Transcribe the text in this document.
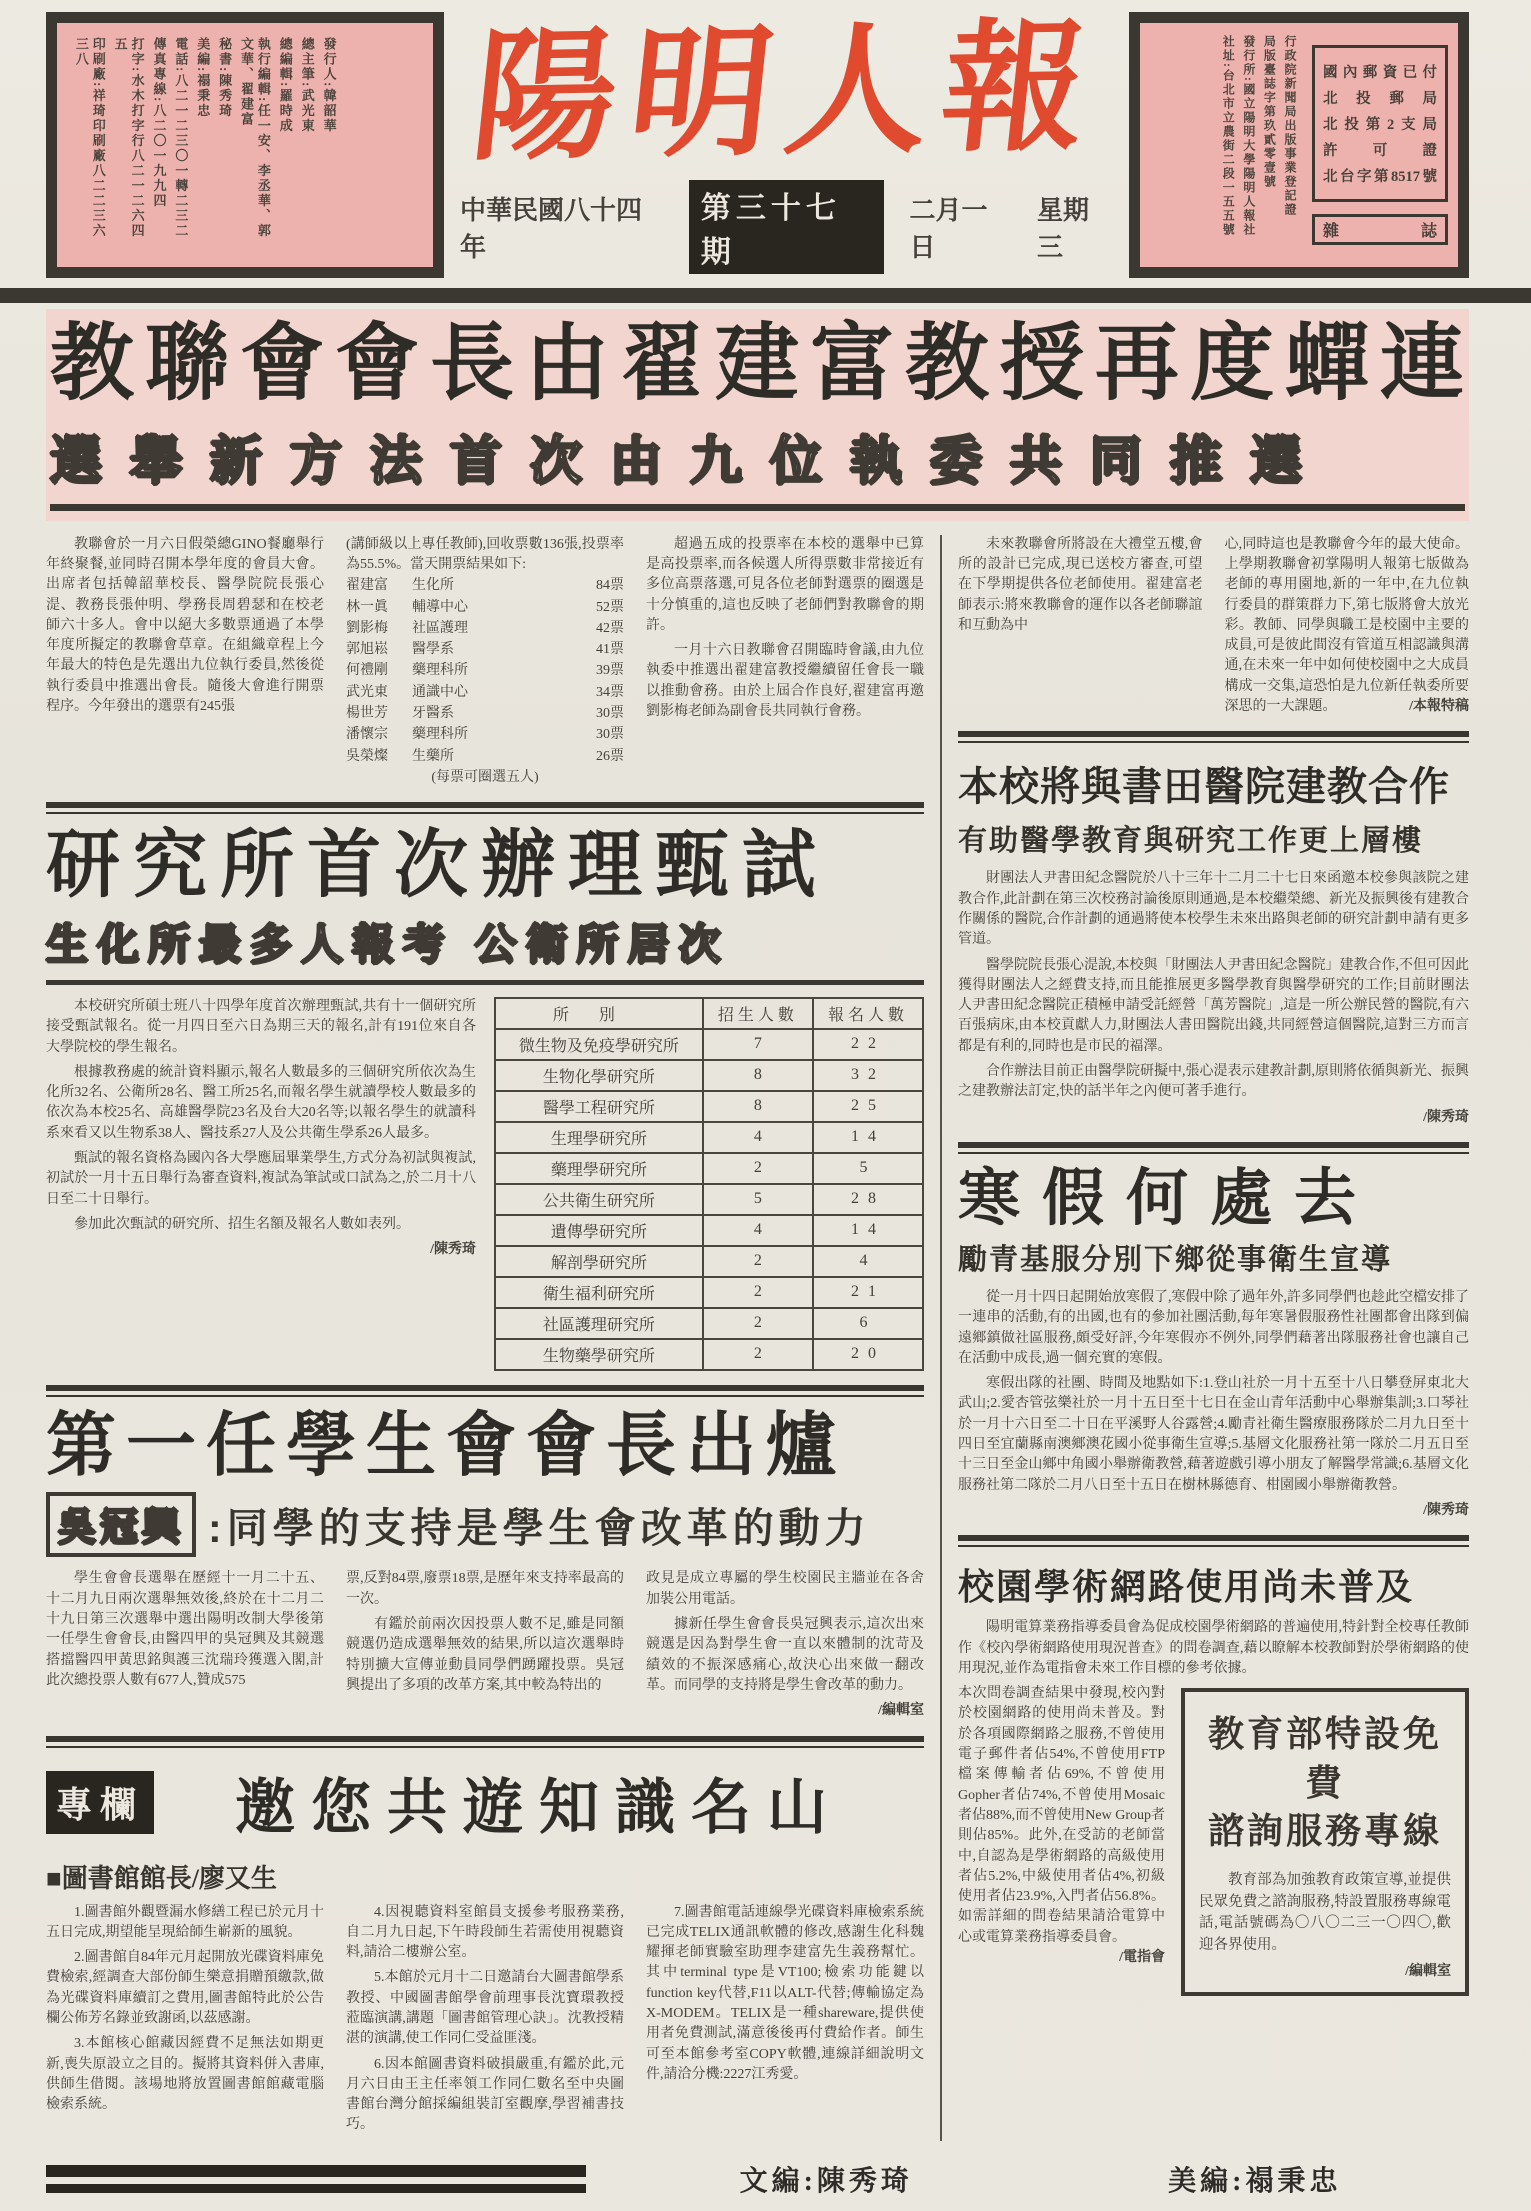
發行人:韓韶華
總主筆:武光東
總編輯:羅時成
執行編輯:任一安、李丞華、郭文華、翟建富
秘書:陳秀琦
美編:禢秉忠
電話:八二一二三〇一轉二三二
傳真專線:八二〇一九九四
打字:水木打字行八二一二六四五
印刷廠:祥琦印刷廠八二二三六三八	陽明人報
中華民國八十四年
第三十七期
二月一日
星期三
行政院新聞局出版事業登記證
局版臺誌字第玖貳零壹號
發行所:國立陽明大學陽明人報社
社址:台北市立農街二段一五五號	國內郵資已付
北投郵局
北投第2支局
許可證
北台字第8517號
雜	誌
教聯會會長由翟建富教授再度蟬連
選舉新方法首次由九位執委共同推選
教聯會於一月六日假榮總GINO餐廳舉行年終聚餐,並同時召開本學年度的會員大會。出席者包括韓韶華校長、醫學院院長張心湜、教務長張仲明、學務長周碧瑟和在校老師六十多人。會中以絕大多數票通過了本學年度所擬定的教聯會草章。在組織章程上今年最大的特色是先選出九位執行委員,然後從執行委員中推選出會長。隨後大會進行開票程序。今年發出的選票有245張
(講師級以上專任教師),回收票數136張,投票率為55.5%。當天開票結果如下:
翟建富	生化所	84票
林一眞	輔導中心	52票
劉影梅	社區護理	42票
郭旭崧	醫學系	41票
何禮剛	藥理科所	39票
武光東	通識中心	34票
楊世芳	牙醫系	30票
潘懷宗	藥理科所	30票
吳榮燦	生藥所	26票
(每票可圈選五人)

超過五成的投票率在本校的選舉中已算是高投票率,而各候選人所得票數非常接近有多位高票落選,可見各位老師對選票的圈選是十分慎重的,這也反映了老師們對教聯會的期許。

一月十六日教聯會召開臨時會議,由九位執委中推選出翟建富教授繼續留任會長一職以推動會務。由於上屆合作良好,翟建富再邀劉影梅老師為副會長共同執行會務。

研究所首次辦理甄試
生化所最多人報考 公衛所居次

本校研究所碩士班八十四學年度首次辦理甄試,共有十一個研究所接受甄試報名。從一月四日至六日為期三天的報名,計有191位來自各大學院校的學生報名。

根據教務處的統計資料顯示,報名人數最多的三個研究所依次為生化所32名、公衛所28名、醫工所25名,而報名學生就讀學校人數最多的依次為本校25名、高雄醫學院23名及台大20名等;以報名學生的就讀科系來看又以生物系38人、醫技系27人及公共衛生學系26人最多。

甄試的報名資格為國內各大學應屆畢業學生,方式分為初試與複試,初試於一月十五日舉行為審查資料,複試為筆試或口試為之,於二月十八日至二十日舉行。

參加此次甄試的研究所、招生名額及報名人數如表列。

/陳秀琦
所別	招生人數	報名人數
微生物及免疫學研究所	7	22
生物化學研究所	8	32
醫學工程研究所	8	25
生理學研究所	4	14
藥理學研究所	2	5
公共衛生研究所	5	28
遺傳學研究所	4	14
解剖學研究所	2	4
衛生福利研究所	2	21
社區護理研究所	2	6
生物藥學研究所	2	20
第一任學生會會長出爐
吳冠興 :同學的支持是學生會改革的動力
學生會會長選舉在歷經十一月二十五、十二月九日兩次選舉無效後,終於在十二月二十九日第三次選舉中選出陽明改制大學後第一任學生會會長,由醫四甲的吳冠興及其競選搭擋醫四甲黃思銘與護三沈瑞玲獲選入閣,計此次總投票人數有677人,贊成575

票,反對84票,廢票18票,是歷年來支持率最高的一次。

有鑑於前兩次因投票人數不足,雖是同額競選仍造成選舉無效的結果,所以這次選舉時特別擴大宣傳並動員同學們踴躍投票。吳冠興提出了多項的改革方案,其中較為特出的

政見是成立專屬的學生校園民主牆並在各舍加裝公用電話。

據新任學生會會長吳冠興表示,這次出來競選是因為對學生會一直以來體制的沈苛及績效的不振深感痛心,故決心出來做一翻改革。而同學的支持將是學生會改革的動力。

/編輯室
專欄	邀您共遊知識名山
■圖書館館長/廖又生

1.圖書館外觀暨漏水修繕工程已於元月十五日完成,期望能呈現給師生嶄新的風貌。

2.圖書館自84年元月起開放光碟資料庫免費檢索,經調查大部份師生樂意捐贈預繳款,做為光碟資料庫續訂之費用,圖書館特此於公告欄公佈芳名錄並致謝函,以茲感謝。

3.本館核心館藏因經費不足無法如期更新,喪失原設立之目的。擬將其資料併入書庫,供師生借閱。該場地將放置圖書館館藏電腦檢索系統。

4.因視聽資料室館員支援參考服務業務,自二月九日起,下午時段師生若需使用視聽資料,請洽二樓辦公室。

5.本館於元月十二日邀請台大圖書館學系教授、中國圖書館學會前理事長沈寶環教授蒞臨演講,講題「圖書館管理心訣」。沈教授精湛的演講,使工作同仁受益匪淺。

6.因本館圖書資料破損嚴重,有鑑於此,元月六日由王主任率領工作同仁數名至中央圖書館台灣分館採編組裝訂室觀摩,學習補書技巧。

7.圖書館電話連線學光碟資料庫檢索系統已完成TELIX通訊軟體的修改,感謝生化科魏耀揮老師實驗室助理李建富先生義務幫忙。其中terminal type是VT100;檢索功能鍵以function key代替,F11以ALT-代替;傳輸協定為X-MODEM。TELIX是一種shareware,提供使用者免費測試,滿意後後再付費給作者。師生可至本館參考室COPY軟體,連線詳細說明文件,請洽分機:2227江秀愛。

未來教聯會所將設在大禮堂五樓,會所的設計已完成,現已送校方審查,可望在下學期提供各位老師使用。翟建富老師表示:將來教聯會的運作以各老師聯誼和互動為中
心,同時這也是教聯會今年的最大使命。上學期教聯會初掌陽明人報第七版做為老師的專用園地,新的一年中,在九位執行委員的群策群力下,第七版將會大放光彩。教師、同學與職工是校園中主要的成員,可是彼此間沒有管道互相認識與溝通,在未來一年中如何使校園中之大成員構成一交集,這恐怕是九位新任執委所要深思的一大課題。	/本報特稿
本校將與書田醫院建教合作
有助醫學教育與研究工作更上層樓

財團法人尹書田紀念醫院於八十三年十二月二十七日來函邀本校參與該院之建教合作,此計劃在第三次校務討論後原則通過,是本校繼榮總、新光及振興後有建教合作關係的醫院,合作計劃的通過將使本校學生未來出路與老師的研究計劃申請有更多管道。

醫學院院長張心湜說,本校與「財團法人尹書田紀念醫院」建教合作,不但可因此獲得財團法人之經費支持,而且能推展更多醫學教育與醫學研究的工作;目前財團法人尹書田紀念醫院正積極申請受託經營「萬芳醫院」,這是一所公辦民營的醫院,有六百張病床,由本校貢獻人力,財團法人書田醫院出錢,共同經營這個醫院,這對三方而言都是有利的,同時也是市民的福澤。

合作辦法目前正由醫學院研擬中,張心湜表示建教計劃,原則將依循與新光、振興之建教辦法訂定,快的話半年之內便可著手進行。

/陳秀琦
寒假何處去
勵青基服分別下鄉從事衛生宣導

從一月十四日起開始放寒假了,寒假中除了過年外,許多同學們也趁此空檔安排了一連串的活動,有的出國,也有的參加社團活動,每年寒暑假服務性社團都會出隊到偏遠鄉鎮做社區服務,頗受好評,今年寒假亦不例外,同學們藉著出隊服務社會也讓自己在活動中成長,過一個充實的寒假。

寒假出隊的社團、時間及地點如下:1.登山社於一月十五至十八日攀登屏東北大武山;2.愛杏管弦樂社於一月十五日至十七日在金山青年活動中心舉辦集訓;3.口琴社於一月十六日至二十日在平溪野人谷露營;4.勵青社衛生醫療服務隊於二月九日至十四日至宜蘭縣南澳鄉澳花國小從事衛生宣導;5.基層文化服務社第一隊於二月五日至十三日至金山鄉中角國小舉辦衛教營,藉著遊戲引導小朋友了解醫學常識;6.基層文化服務社第二隊於二月八日至十五日在樹林縣德育、柑園國小舉辦衛教營。

/陳秀琦
校園學術網路使用尚未普及

陽明電算業務指導委員會為促成校園學術網路的普遍使用,特針對全校專任教師作《校內學術網路使用現況普查》的問卷調查,藉以瞭解本校教師對於學術網路的使用現況,並作為電指會未來工作目標的參考依據。

教育部特設免費
諮詢服務專線

教育部為加強教育政策宣導,並提供民眾免費之諮詢服務,特設置服務專線電話,電話號碼為〇八〇二三一〇四〇,歡迎各界使用。

/編輯室
本次問卷調查結果中發現,校內對於校園網路的使用尚未普及。對於各項國際網路之服務,不曾使用電子郵件者佔54%,不曾使用FTP檔案傳輸者佔69%,不曾使用Gopher者佔74%,不曾使用Mosaic者佔88%,而不曾使用New Group者則佔85%。此外,在受訪的老師當中,自認為是學術網路的高級使用者佔5.2%,中級使用者佔4%,初級使用者佔23.9%,入門者佔56.8%。如需詳細的問卷結果請洽電算中心或電算業務指導委員會。
/電指會
文編:陳秀琦	美編:禢秉忠
